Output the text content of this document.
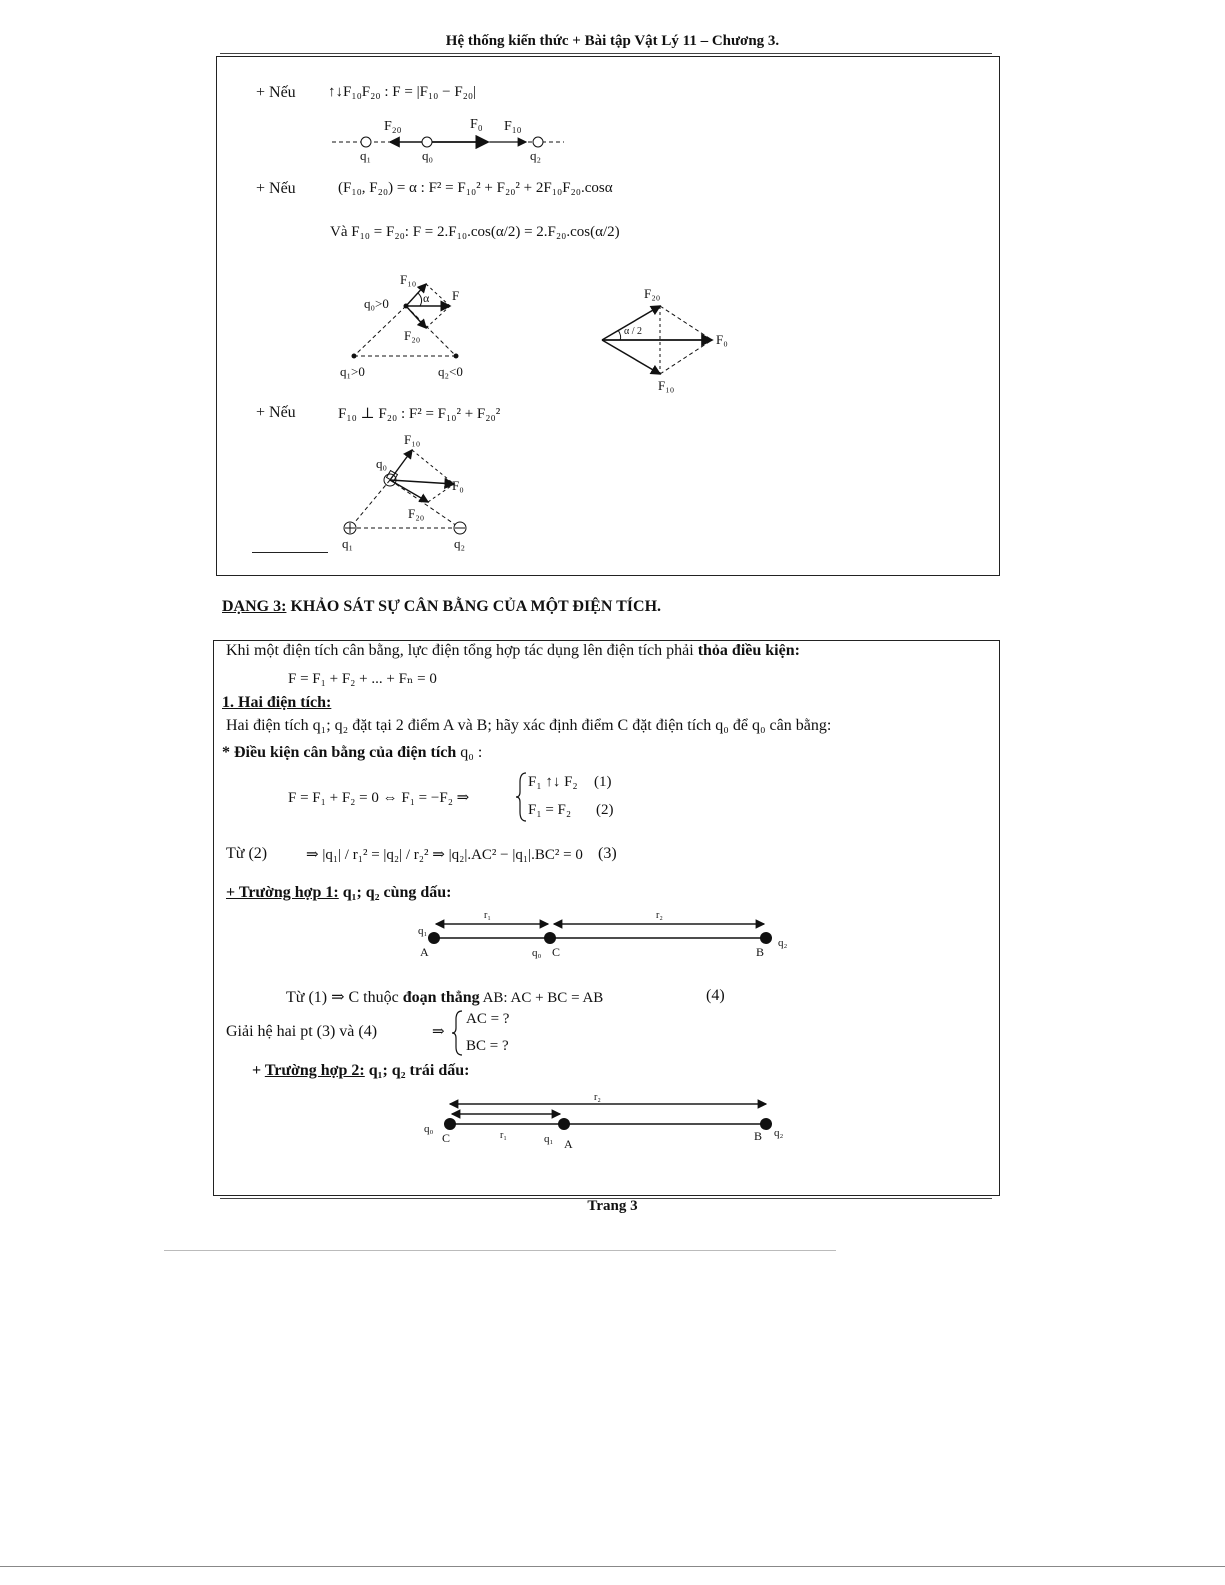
Hệ thống kiến thức + Bài tập Vật Lý 11 – Chương 3.
+ Nếu ↑↓F₁₀F₂₀ : F = |F₁₀ − F₂₀|
F₂₀	F₀ F₁₀
q₁	q₀	q₂
+ Nếu	(F₁₀, F₂₀) = α : F² = F₁₀² + F₂₀² + 2F₁₀F₂₀.cosα
Và F₁₀ = F₂₀: F = 2.F₁₀.cos(α/2) = 2.F₂₀.cos(α/2)
F₁₀
F
α
q₀>0
F₂₀
q₁>0	q₂<0
F₂₀
α / 2
F₀
F₁₀
+ Nếu	F₁₀ ⊥ F₂₀ : F² = F₁₀² + F₂₀²
F₁₀
q₀
F₀
F₂₀
q₁	q₂
DẠNG 3: KHẢO SÁT SỰ CÂN BẰNG CỦA MỘT ĐIỆN TÍCH.
Khi một điện tích cân bằng, lực điện tổng hợp tác dụng lên điện tích phải thỏa điều kiện:
F = F₁ + F₂ + ... + Fₙ = 0
1. Hai điện tích:
Hai điện tích q₁; q₂ đặt tại 2 điểm A và B; hãy xác định điểm C đặt điện tích q₀ để q₀ cân bằng:
* Điều kiện cân bằng của điện tích q₀ :
F = F₁ + F₂ = 0 ⇔ F₁ = −F₂ ⇒
F₁ ↑↓ F₂ (1)
F₁ = F₂ (2)
Từ (2)	⇒ |q₁| / r₁² = |q₂| / r₂² ⇒ |q₂|.AC² − |q₁|.BC² = 0 (3)
+ Trường hợp 1: q₁; q₂ cùng dấu:
r₁	r₂
q₁
A	q₀ C	B
q₂
Từ (1) ⇒ C thuộc đoạn thẳng AB: AC + BC = AB	(4)
Giải hệ hai pt (3) và (4)	⇒
AC = ?
BC = ?
+ Trường hợp 2: q₁; q₂ trái dấu:
r₂
q₀
C	r₁	q₁ A
B q₂
Trang 3
